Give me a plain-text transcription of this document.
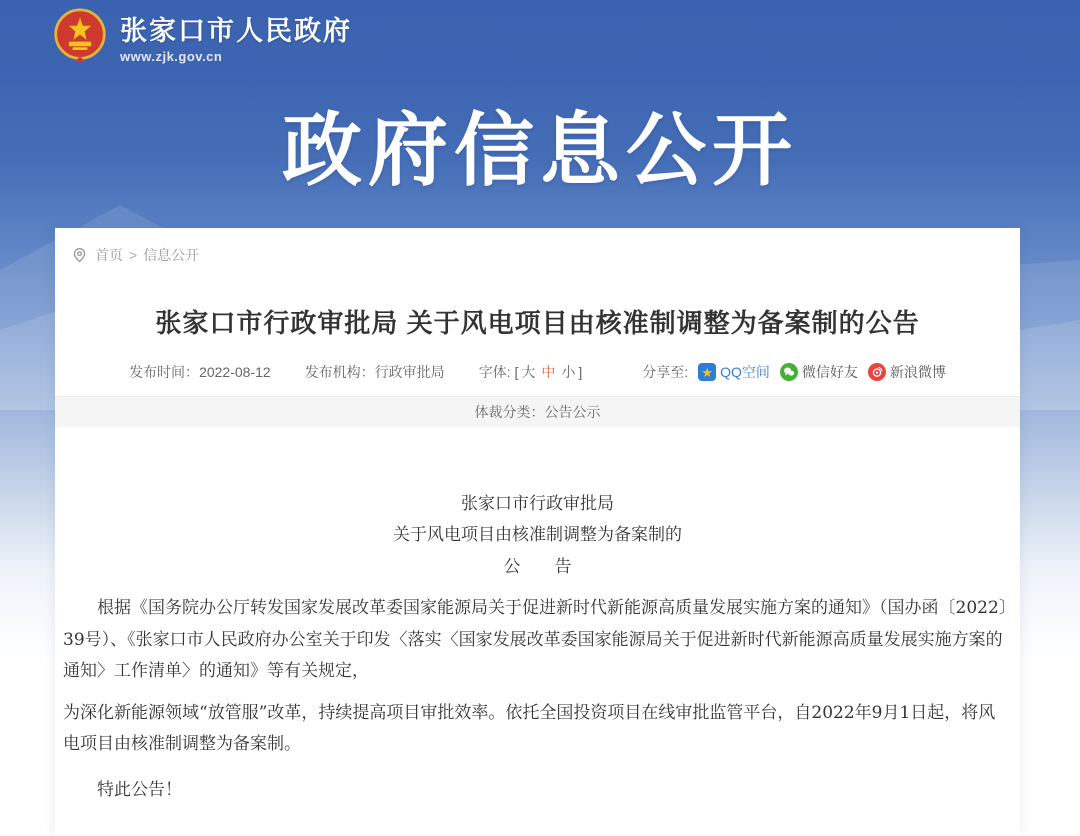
张家口市人民政府
www.zjk.gov.cn
政府信息公开
首页 > 信息公开
张家口市行政审批局 关于风电项目由核准制调整为备案制的公告
发布时间：2022-08-12 发布机构：行政审批局 字体: [ 大 中 小 ]	分享至: ★ QQ空间 微信好友 新浪微博
体裁分类： 公告公示

张家口市行政审批局

关于风电项目由核准制调整为备案制的

公　　告

根据《国务院办公厅转发国家发展改革委国家能源局关于促进新时代新能源高质量发展实施方案的通知》（国办函〔2022〕39号）、《张家口市人民政府办公室关于印发〈落实〈国家发展改革委国家能源局关于促进新时代新能源高质量发展实施方案的通知〉工作清单〉的通知》等有关规定，

为深化新能源领域“放管服”改革，持续提高项目审批效率。依托全国投资项目在线审批监管平台，自2022年9月1日起，将风电项目由核准制调整为备案制。

特此公告！
